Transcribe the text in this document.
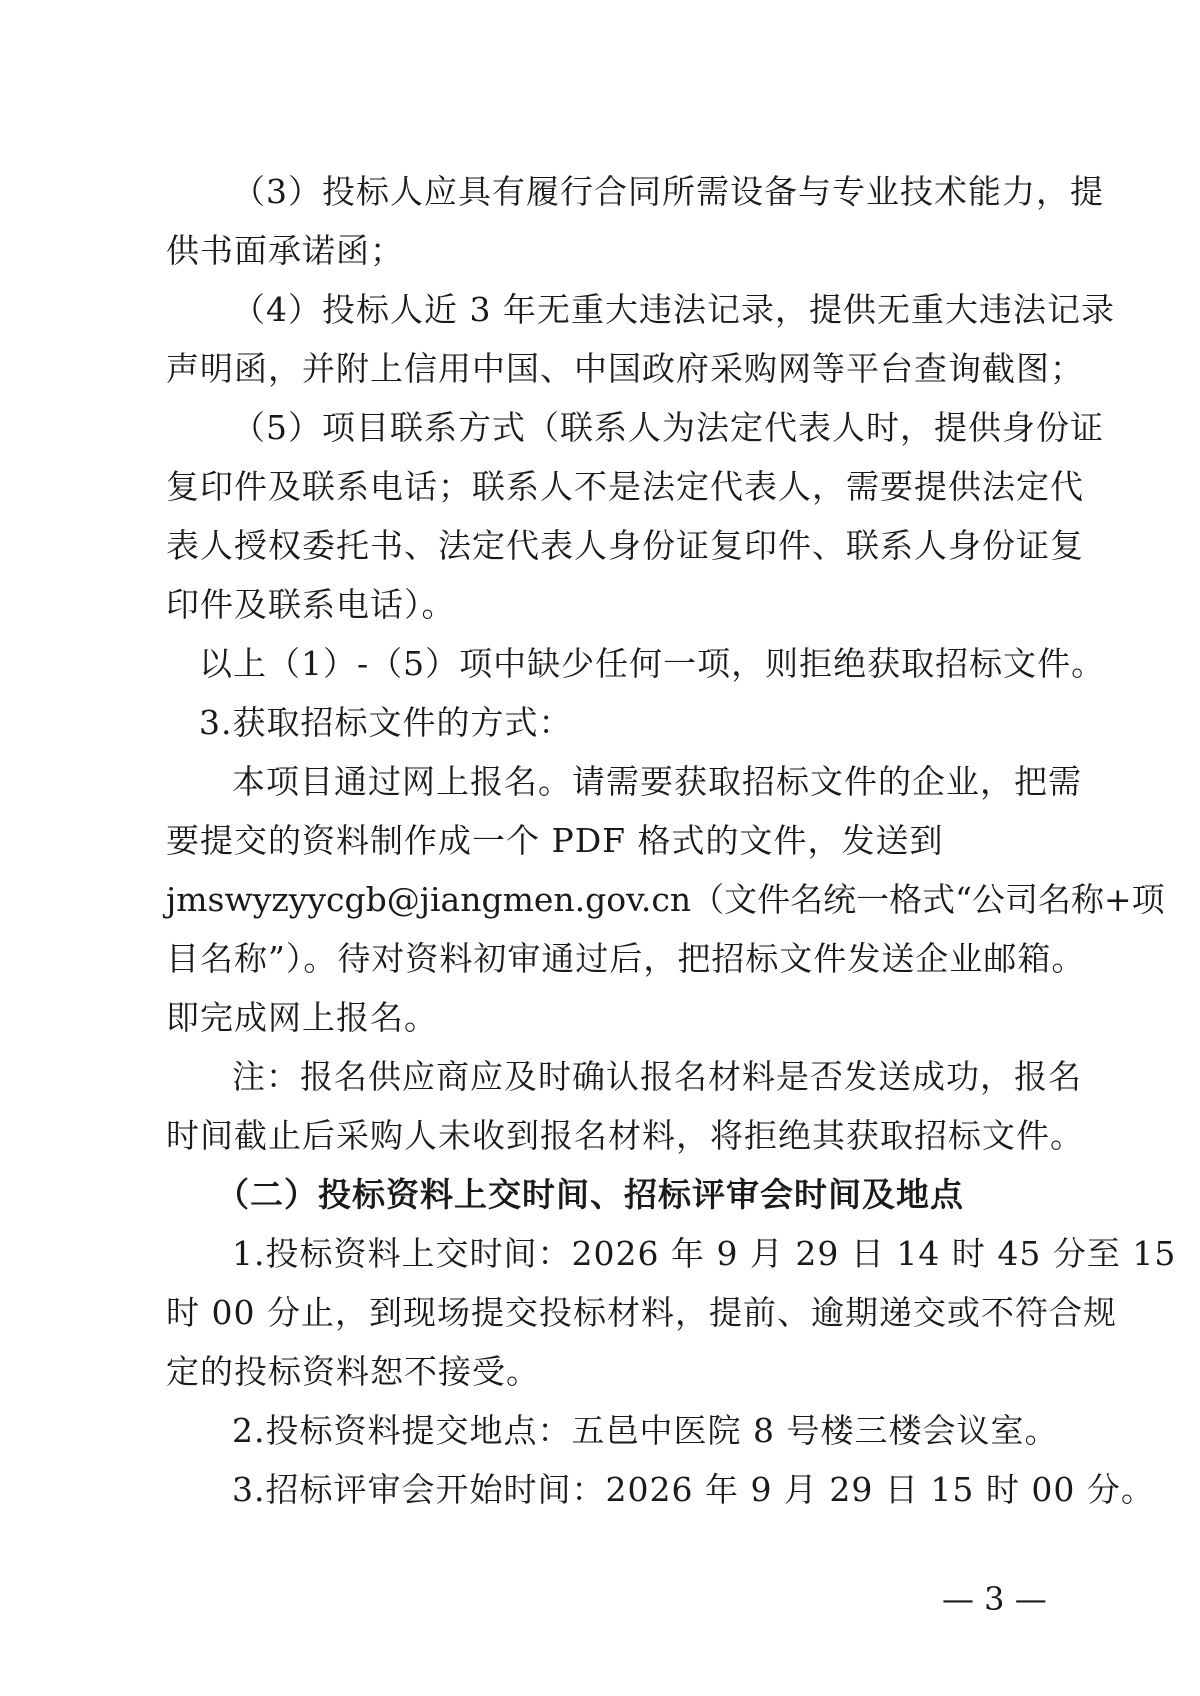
（3）投标人应具有履行合同所需设备与专业技术能力，提
供书面承诺函；
（4）投标人近 3 年无重大违法记录，提供无重大违法记录
声明函，并附上信用中国、中国政府采购网等平台查询截图；
（5）项目联系方式（联系人为法定代表人时，提供身份证
复印件及联系电话；联系人不是法定代表人，需要提供法定代
表人授权委托书、法定代表人身份证复印件、联系人身份证复
印件及联系电话）。
以上（1）-（5）项中缺少任何一项，则拒绝获取招标文件。
3.获取招标文件的方式：
本项目通过网上报名。请需要获取招标文件的企业，把需
要提交的资料制作成一个 PDF 格式的文件，发送到
jmswyzyycgb@jiangmen.gov.cn（文件名统一格式“公司名称+项
目名称”）。待对资料初审通过后，把招标文件发送企业邮箱。
即完成网上报名。
注：报名供应商应及时确认报名材料是否发送成功，报名
时间截止后采购人未收到报名材料，将拒绝其获取招标文件。
（二）投标资料上交时间、招标评审会时间及地点
1.投标资料上交时间：2026 年 9 月 29 日 14 时 45 分至 15
时 00 分止，到现场提交投标材料，提前、逾期递交或不符合规
定的投标资料恕不接受。
2.投标资料提交地点：五邑中医院 8 号楼三楼会议室。
3.招标评审会开始时间：2026 年 9 月 29 日 15 时 00 分。
— 3 —
